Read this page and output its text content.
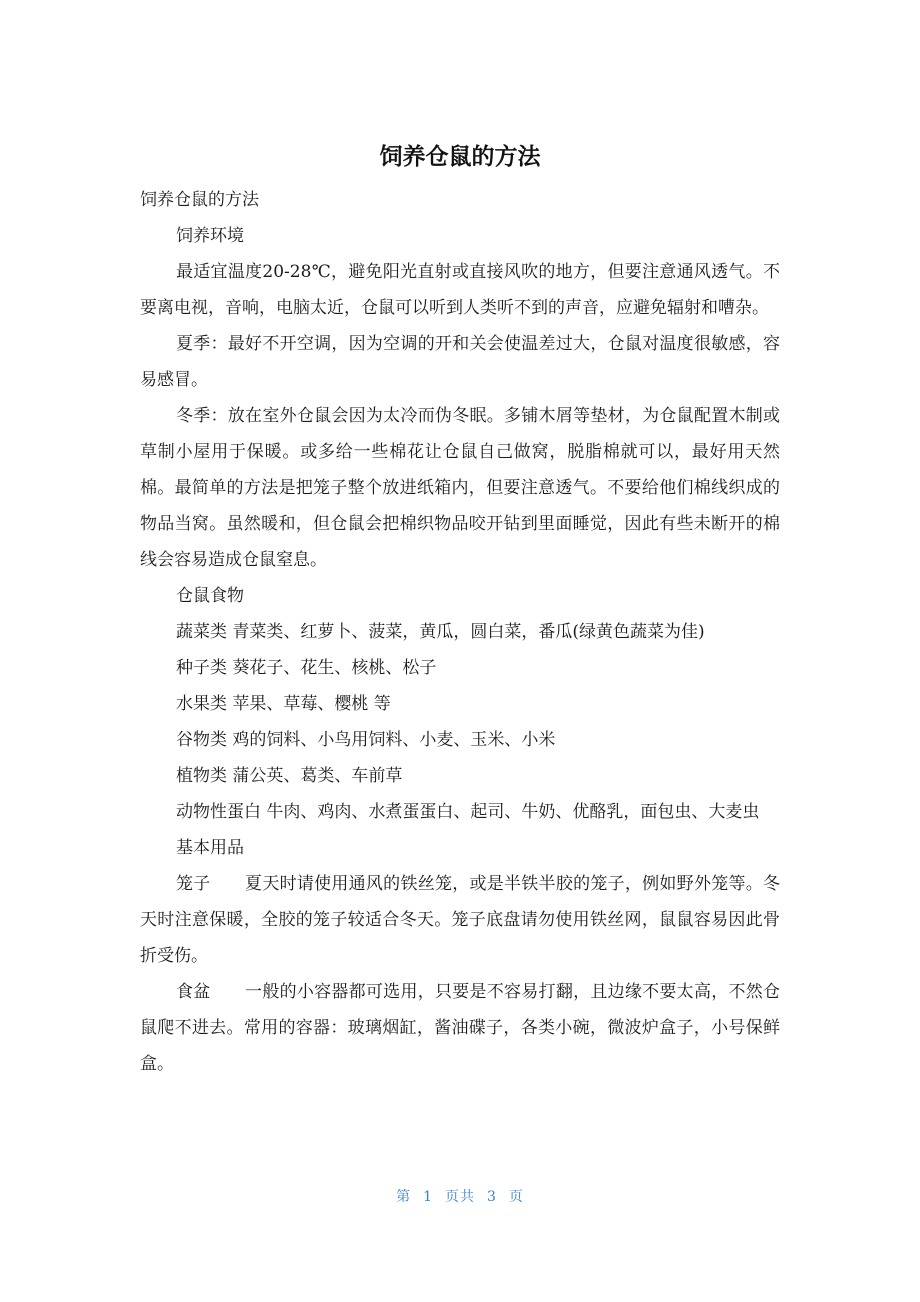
饲养仓鼠的方法

饲养仓鼠的方法

饲养环境

最适宜温度20-28℃，避免阳光直射或直接风吹的地方，但要注意通风透气。不要离电视，音响，电脑太近，仓鼠可以听到人类听不到的声音，应避免辐射和嘈杂。

夏季：最好不开空调，因为空调的开和关会使温差过大，仓鼠对温度很敏感，容易感冒。

冬季：放在室外仓鼠会因为太冷而伪冬眠。多铺木屑等垫材，为仓鼠配置木制或草制小屋用于保暖。或多给一些棉花让仓鼠自己做窝，脱脂棉就可以，最好用天然棉。最简单的方法是把笼子整个放进纸箱内，但要注意透气。不要给他们棉线织成的物品当窝。虽然暖和，但仓鼠会把棉织物品咬开钻到里面睡觉，因此有些未断开的棉线会容易造成仓鼠窒息。

仓鼠食物

蔬菜类 青菜类、红萝卜、菠菜，黄瓜，圆白菜，番瓜(绿黄色蔬菜为佳)

种子类 葵花子、花生、核桃、松子

水果类 苹果、草莓、樱桃 等

谷物类 鸡的饲料、小鸟用饲料、小麦、玉米、小米

植物类 蒲公英、葛类、车前草

动物性蛋白 牛肉、鸡肉、水煮蛋蛋白、起司、牛奶、优酪乳，面包虫、大麦虫

基本用品

笼子　　夏天时请使用通风的铁丝笼，或是半铁半胶的笼子，例如野外笼等。冬天时注意保暖，全胶的笼子较适合冬天。笼子底盘请勿使用铁丝网，鼠鼠容易因此骨折受伤。

食盆　　一般的小容器都可选用，只要是不容易打翻，且边缘不要太高，不然仓鼠爬不进去。常用的容器：玻璃烟缸，酱油碟子，各类小碗，微波炉盒子，小号保鲜盒。

第 1 页共 3 页
